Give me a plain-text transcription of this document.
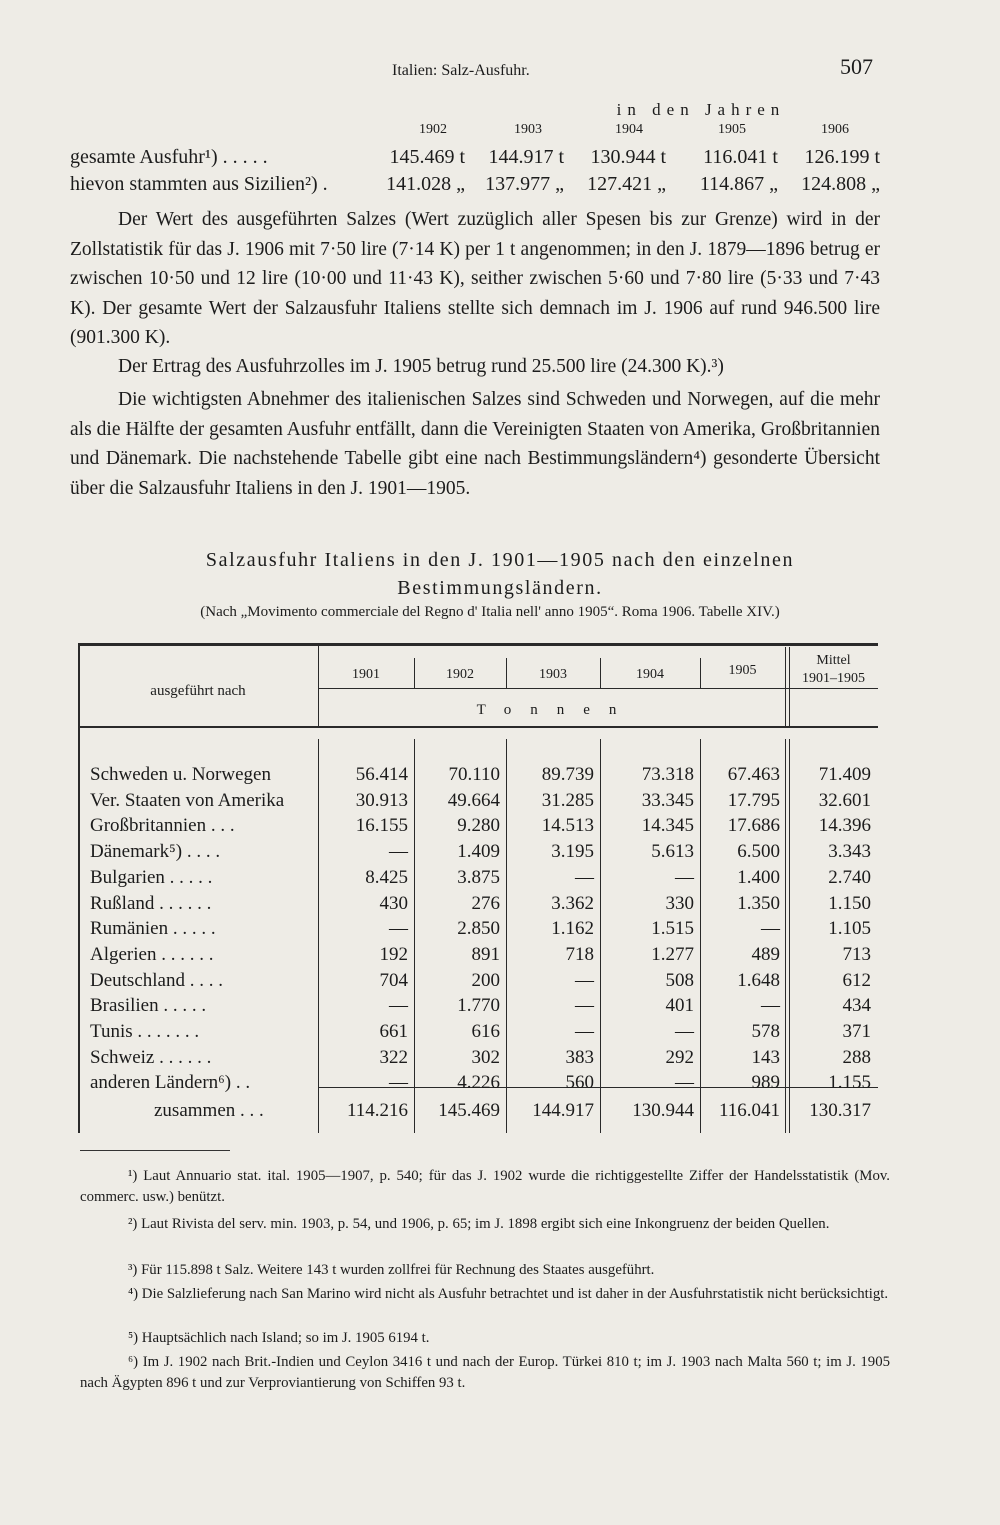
Italien: Salz-Ausfuhr.	507
in den Jahren
1902	1903	1904	1905	1906
gesamte Ausfuhr¹) . . . . .	145.469 t	144.917 t	130.944 t	116.041 t	126.199 t
hievon stammten aus Sizilien²) .	141.028 „	137.977 „	127.421 „	114.867 „	124.808 „
Der Wert des ausgeführten Salzes (Wert zuzüglich aller Spesen bis zur Grenze) wird in der Zollstatistik für das J. 1906 mit 7·50 lire (7·14 K) per 1 t angenommen; in den J. 1879—1896 betrug er zwischen 10·50 und 12 lire (10·00 und 11·43 K), seither zwischen 5·60 und 7·80 lire (5·33 und 7·43 K). Der gesamte Wert der Salzausfuhr Italiens stellte sich demnach im J. 1906 auf rund 946.500 lire (901.300 K).
Der Ertrag des Ausfuhrzolles im J. 1905 betrug rund 25.500 lire (24.300 K).³)
Die wichtigsten Abnehmer des italienischen Salzes sind Schweden und Norwegen, auf die mehr als die Hälfte der gesamten Ausfuhr entfällt, dann die Vereinigten Staaten von Amerika, Großbritannien und Dänemark. Die nachstehende Tabelle gibt eine nach Bestimmungsländern⁴) gesonderte Übersicht über die Salzausfuhr Italiens in den J. 1901—1905.
Salzausfuhr Italiens in den J. 1901—1905 nach den einzelnen
Bestimmungsländern.
(Nach „Movimento commerciale del Regno d' Italia nell' anno 1905“. Roma 1906. Tabelle XIV.)
ausgeführt nach
1901	1902	1903	1904	1905
Mittel
1901–1905
Tonnen
Schweden u. Norwegen	56.414	70.110	89.739	73.318	67.463	71.409
Ver. Staaten von Amerika	30.913	49.664	31.285	33.345	17.795	32.601
Großbritannien . . .	16.155	9.280	14.513	14.345	17.686	14.396
Dänemark⁵) . . . .	—	1.409	3.195	5.613	6.500	3.343
Bulgarien . . . . .	8.425	3.875	—	—	1.400	2.740
Rußland . . . . . .	430	276	3.362	330	1.350	1.150
Rumänien . . . . .	—	2.850	1.162	1.515	—	1.105
Algerien . . . . . .	192	891	718	1.277	489	713
Deutschland . . . .	704	200	—	508	1.648	612
Brasilien . . . . .	—	1.770	—	401	—	434
Tunis . . . . . . .	661	616	—	—	578	371
Schweiz . . . . . .	322	302	383	292	143	288
anderen Ländern⁶) . .	—	4.226	560	—	989	1.155
zusammen . . .	114.216	145.469	144.917	130.944	116.041	130.317
¹) Laut Annuario stat. ital. 1905—1907, p. 540; für das J. 1902 wurde die richtiggestellte Ziffer der Handelsstatistik (Mov. commerc. usw.) benützt.
²) Laut Rivista del serv. min. 1903, p. 54, und 1906, p. 65; im J. 1898 ergibt sich eine Inkongruenz der beiden Quellen.
³) Für 115.898 t Salz. Weitere 143 t wurden zollfrei für Rechnung des Staates ausgeführt.
⁴) Die Salzlieferung nach San Marino wird nicht als Ausfuhr betrachtet und ist daher in der Ausfuhrstatistik nicht berücksichtigt.
⁵) Hauptsächlich nach Island; so im J. 1905 6194 t.
⁶) Im J. 1902 nach Brit.-Indien und Ceylon 3416 t und nach der Europ. Türkei 810 t; im J. 1903 nach Malta 560 t; im J. 1905 nach Ägypten 896 t und zur Verproviantierung von Schiffen 93 t.
